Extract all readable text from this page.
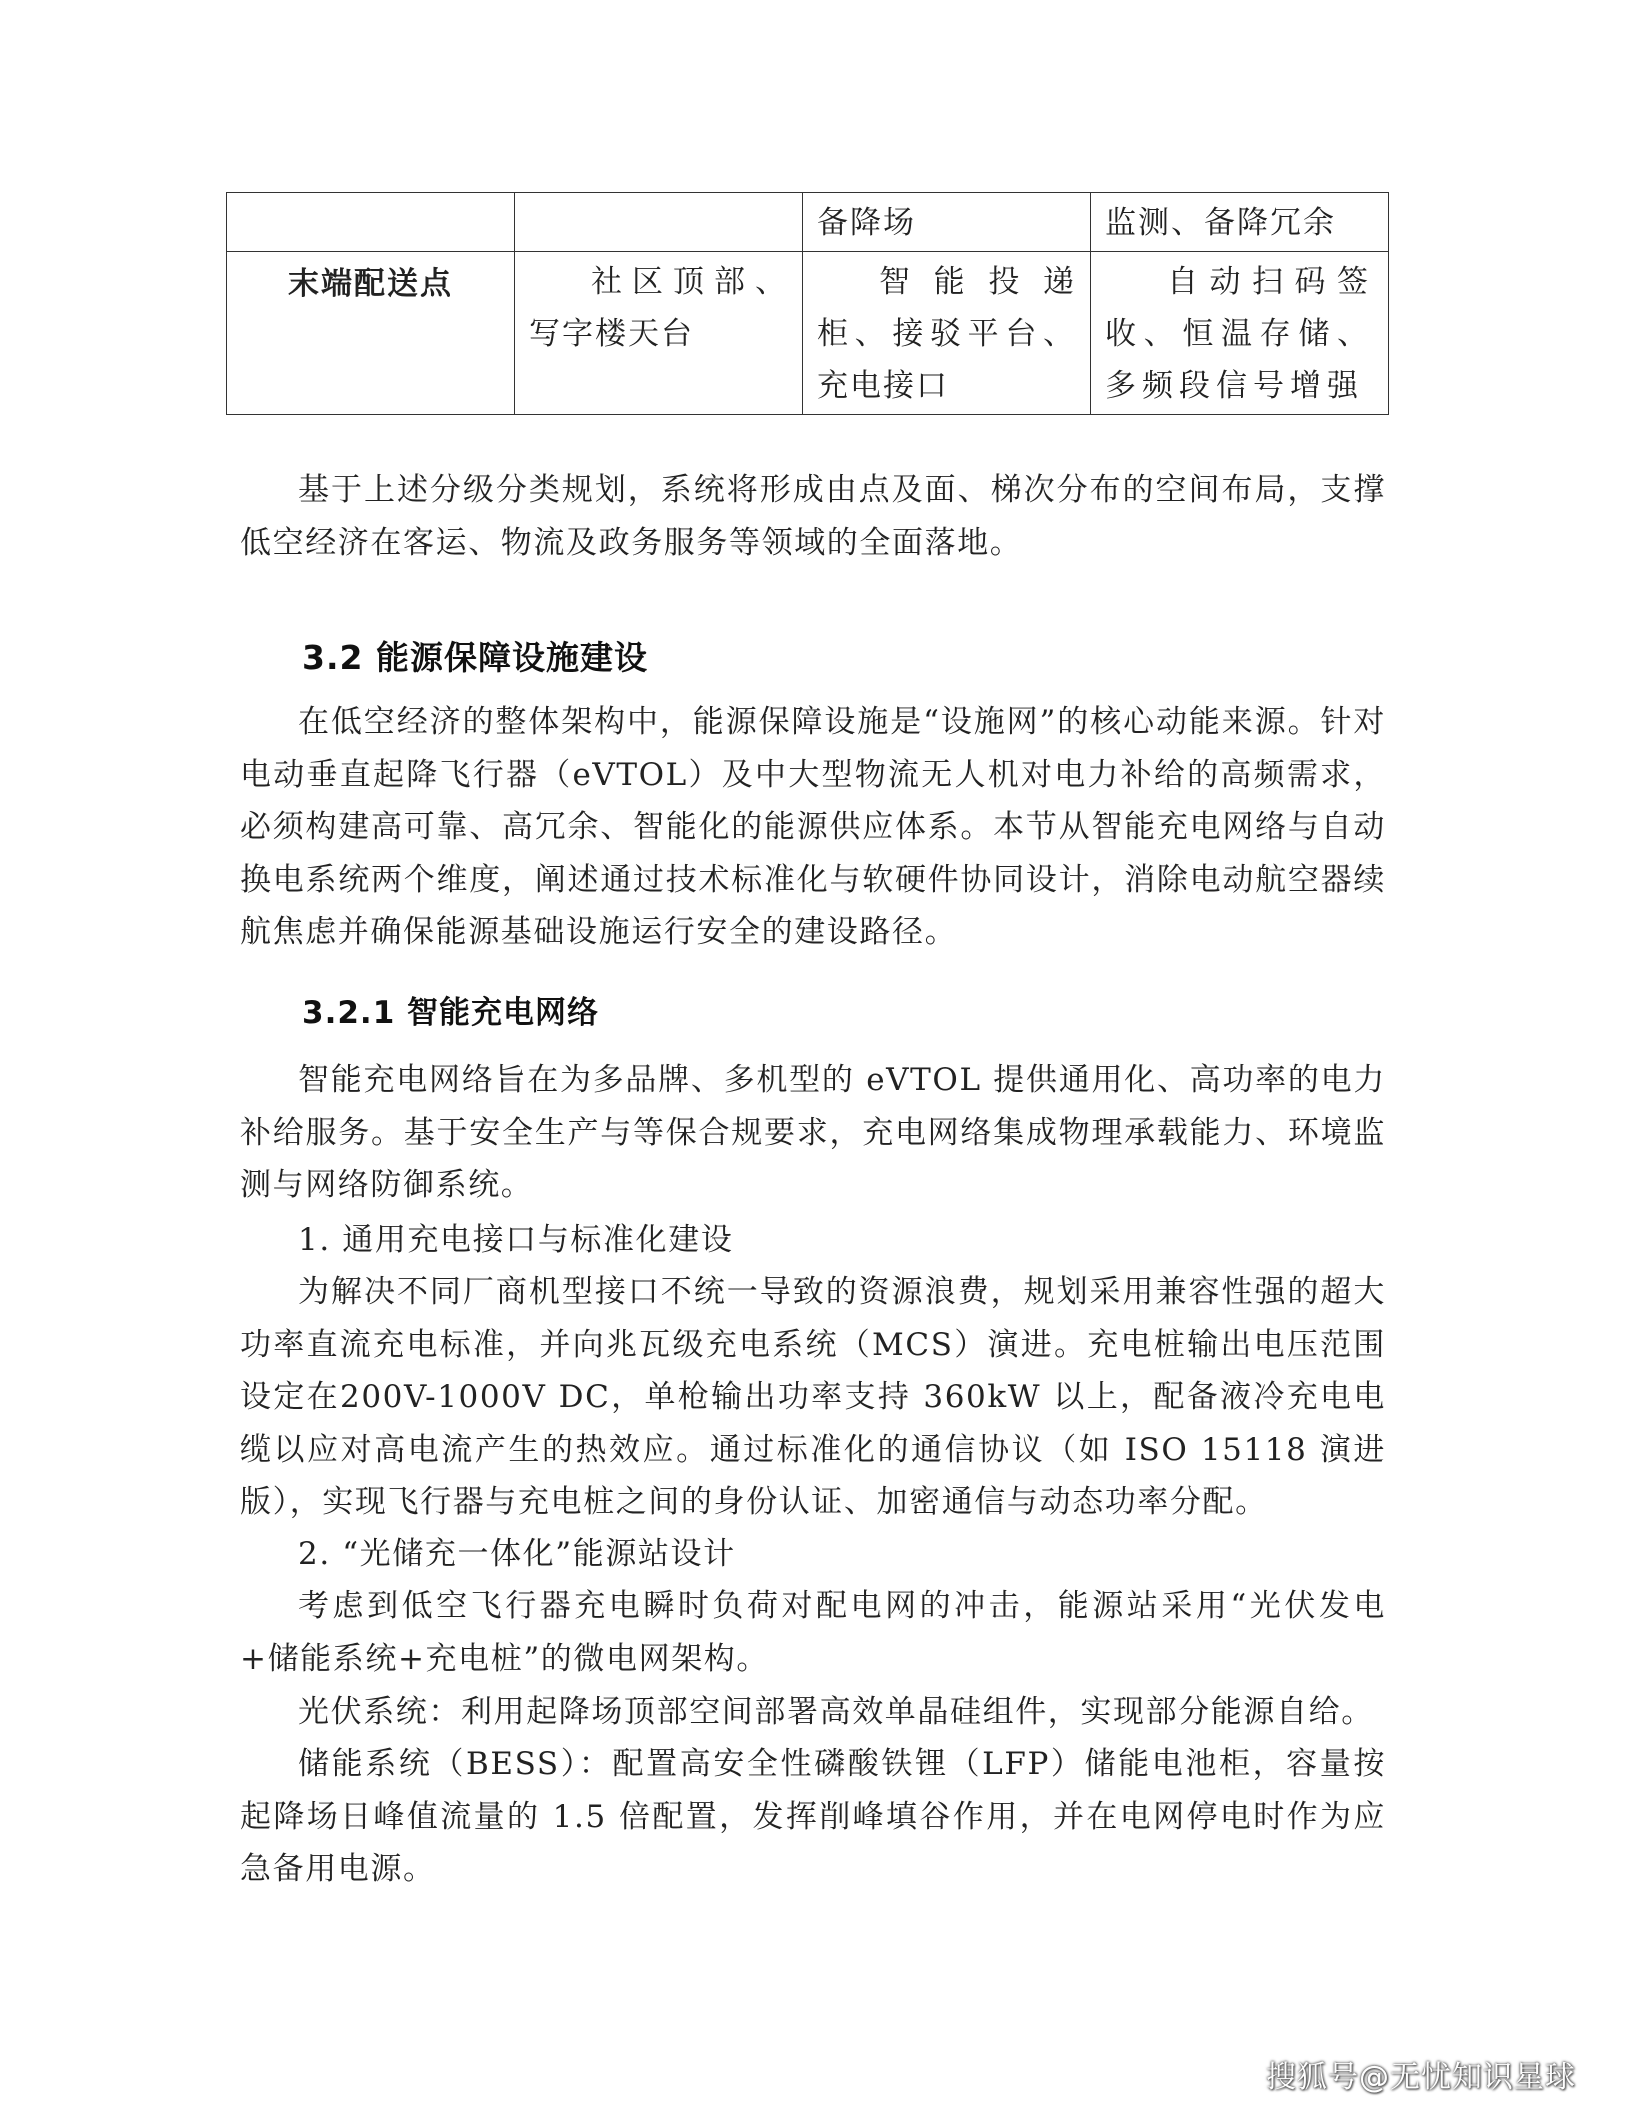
		备降场	监测、备降冗余
末端配送点	社区顶部、写字楼天台	智能投递柜、接驳平台、充电接口	自动扫码签收、恒温存储、多频段信号增强

基于上述分级分类规划，系统将形成由点及面、梯次分布的空间布局，支撑低空经济在客运、物流及政务服务等领域的全面落地。

3.2 能源保障设施建设

在低空经济的整体架构中，能源保障设施是“设施网”的核心动能来源。针对电动垂直起降飞行器（eVTOL）及中大型物流无人机对电力补给的高频需求，必须构建高可靠、高冗余、智能化的能源供应体系。本节从智能充电网络与自动换电系统两个维度，阐述通过技术标准化与软硬件协同设计，消除电动航空器续航焦虑并确保能源基础设施运行安全的建设路径。

3.2.1 智能充电网络

智能充电网络旨在为多品牌、多机型的 eVTOL 提供通用化、高功率的电力补给服务。基于安全生产与等保合规要求，充电网络集成物理承载能力、环境监测与网络防御系统。

1. 通用充电接口与标准化建设

为解决不同厂商机型接口不统一导致的资源浪费，规划采用兼容性强的超大功率直流充电标准，并向兆瓦级充电系统（MCS）演进。充电桩输出电压范围设定在200V-1000V DC，单枪输出功率支持 360kW 以上，配备液冷充电电缆以应对高电流产生的热效应。通过标准化的通信协议（如 ISO 15118 演进版），实现飞行器与充电桩之间的身份认证、加密通信与动态功率分配。

2. “光储充一体化”能源站设计

考虑到低空飞行器充电瞬时负荷对配电网的冲击，能源站采用“光伏发电+储能系统+充电桩”的微电网架构。

光伏系统：利用起降场顶部空间部署高效单晶硅组件，实现部分能源自给。

储能系统（BESS）：配置高安全性磷酸铁锂（LFP）储能电池柜，容量按起降场日峰值流量的 1.5 倍配置，发挥削峰填谷作用，并在电网停电时作为应急备用电源。

搜狐号@无忧知识星球
